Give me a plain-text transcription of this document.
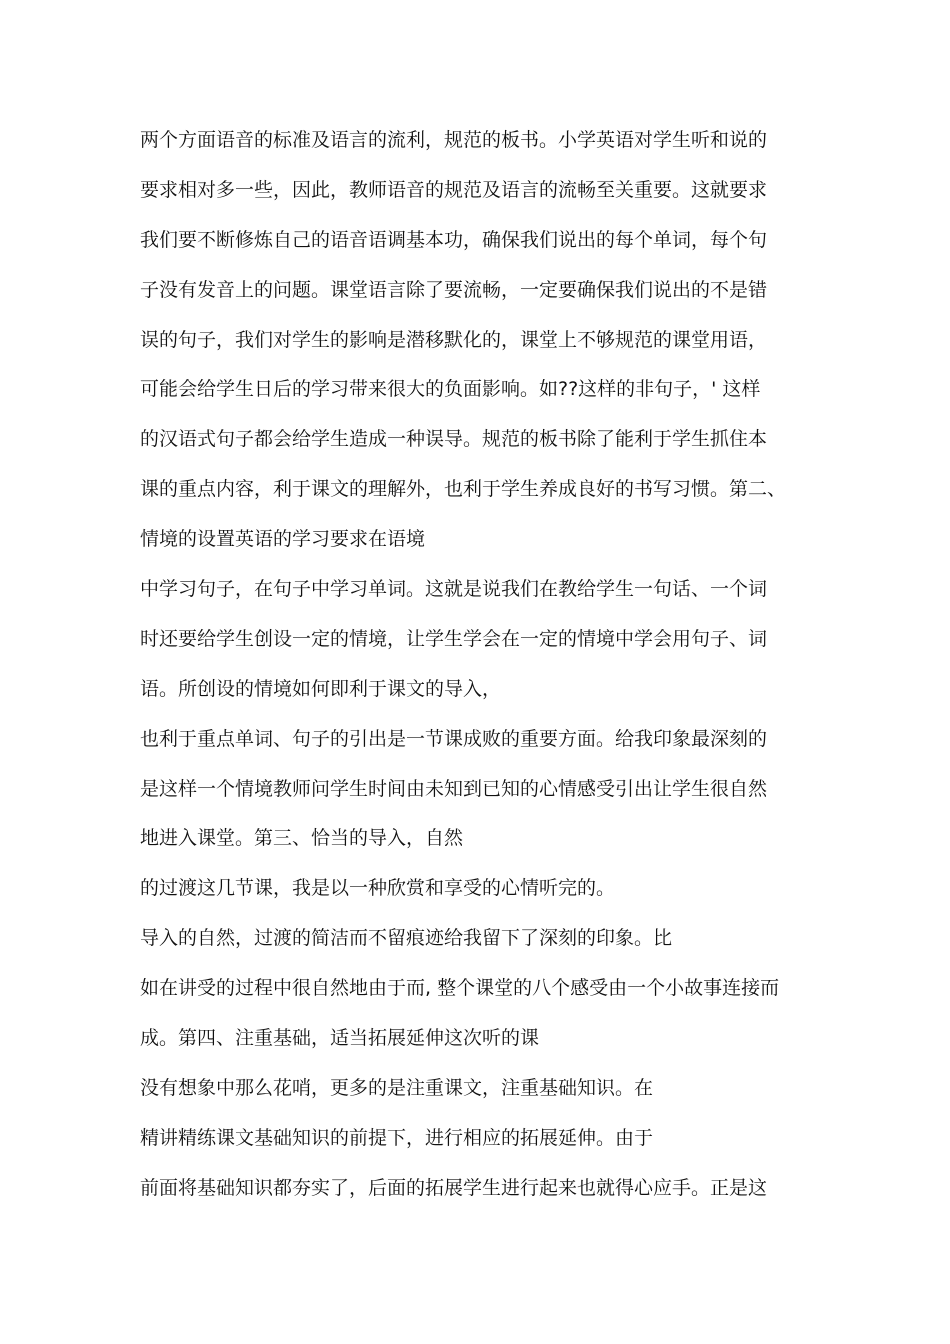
两个方面语音的标准及语言的流利，规范的板书。小学英语对学生听和说的
要求相对多一些，因此，教师语音的规范及语言的流畅至关重要。这就要求
我们要不断修炼自己的语音语调基本功，确保我们说出的每个单词，每个句
子没有发音上的问题。课堂语言除了要流畅，一定要确保我们说出的不是错
误的句子，我们对学生的影响是潜移默化的，课堂上不够规范的课堂用语，
可能会给学生日后的学习带来很大的负面影响。如??这样的非句子，' 这样
的汉语式句子都会给学生造成一种误导。规范的板书除了能利于学生抓住本
课的重点内容，利于课文的理解外，也利于学生养成良好的书写习惯。第二、
情境的设置英语的学习要求在语境
中学习句子，在句子中学习单词。这就是说我们在教给学生一句话、一个词
时还要给学生创设一定的情境，让学生学会在一定的情境中学会用句子、词
语。所创设的情境如何即利于课文的导入，
也利于重点单词、句子的引出是一节课成败的重要方面。给我印象最深刻的
是这样一个情境教师问学生时间由未知到已知的心情感受引出让学生很自然
地进入课堂。第三、恰当的导入，自然
的过渡这几节课，我是以一种欣赏和享受的心情听完的。
导入的自然，过渡的简洁而不留痕迹给我留下了深刻的印象。比
如在讲受的过程中很自然地由于而, 整个课堂的八个感受由一个小故事连接而
成。第四、注重基础，适当拓展延伸这次听的课
没有想象中那么花哨，更多的是注重课文，注重基础知识。在
精讲精练课文基础知识的前提下，进行相应的拓展延伸。由于
前面将基础知识都夯实了，后面的拓展学生进行起来也就得心应手。正是这
